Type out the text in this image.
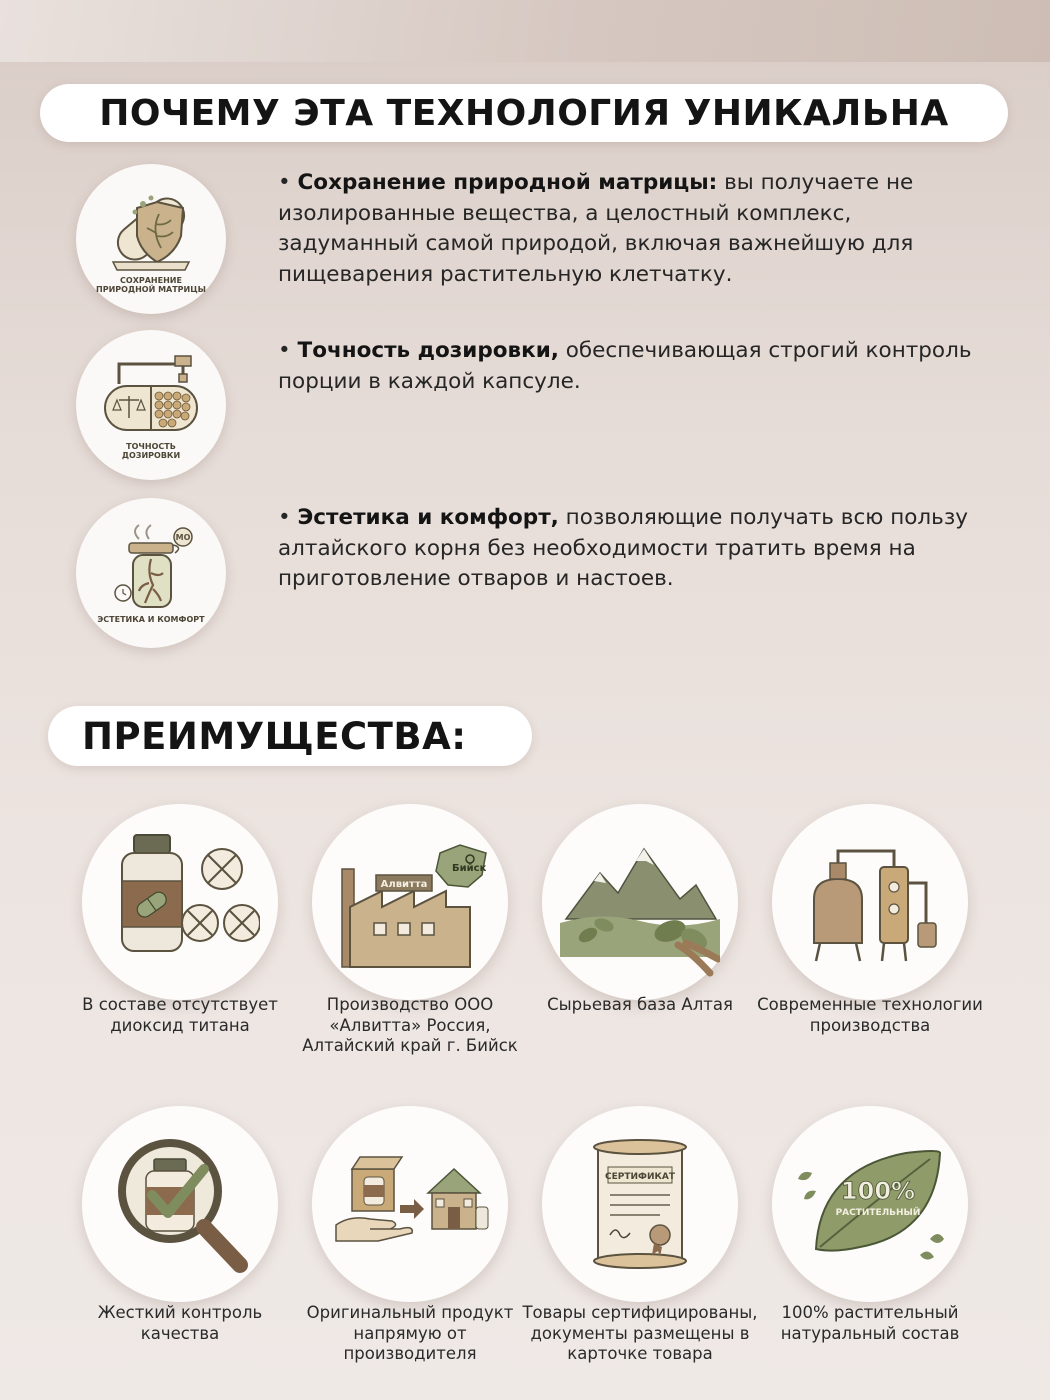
ПОЧЕМУ ЭТА ТЕХНОЛОГИЯ УНИКАЛЬНА
СОХРАНЕНИЕ ПРИРОДНОЙ МАТРИЦЫ
• Сохранение природной матрицы: вы получаете не изолированные вещества, а целостный комплекс, задуманный самой природой, включая важнейшую для пищеварения растительную клетчатку.
ТОЧНОСТЬ ДОЗИРОВКИ
• Точность дозировки, обеспечивающая строгий контроль порции в каждой капсуле.
MO
ЭСТЕТИКА И КОМФОРТ
• Эстетика и комфорт, позволяющие получать всю пользу алтайского корня без необходимости тратить время на приготовление отваров и настоев.
ПРЕИМУЩЕСТВА:
В составе отсутствует диоксид титана
Бийск
Алвитта
Производство ООО «Алвитта» Россия, Алтайский край г. Бийск
Сырьевая база Алтая	Современные технологии производства
Жесткий контроль качества
Оригинальный продукт напрямую от производителя
СЕРТИФИКАТ
Товары сертифицированы, документы размещены в карточке товара
100%
РАСТИТЕЛЬНЫЙ
100% растительный натуральный состав
